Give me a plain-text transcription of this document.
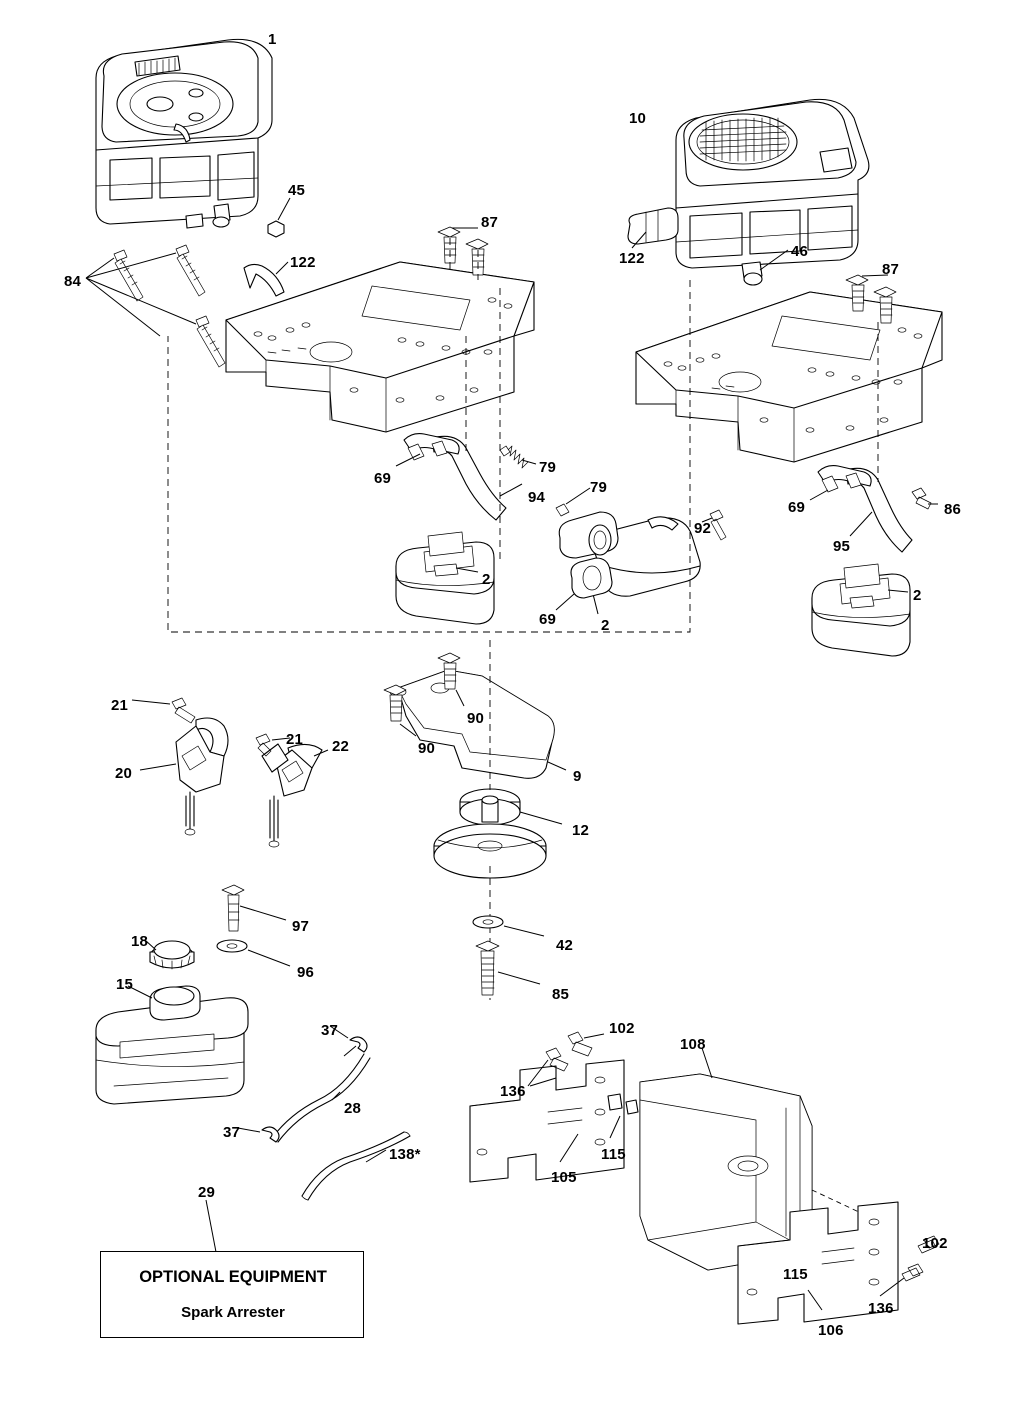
1
10
45
87
122	122	46
84
87
69
79
79
94
69	86
92
95
2
2
69	2
21
90
90
21 22
20	9
12
97
42
18
96
15
85
37	102
108
136
28
115
37
138*
105
29
102
115
136
106
OPTIONAL EQUIPMENT
Spark Arrester
